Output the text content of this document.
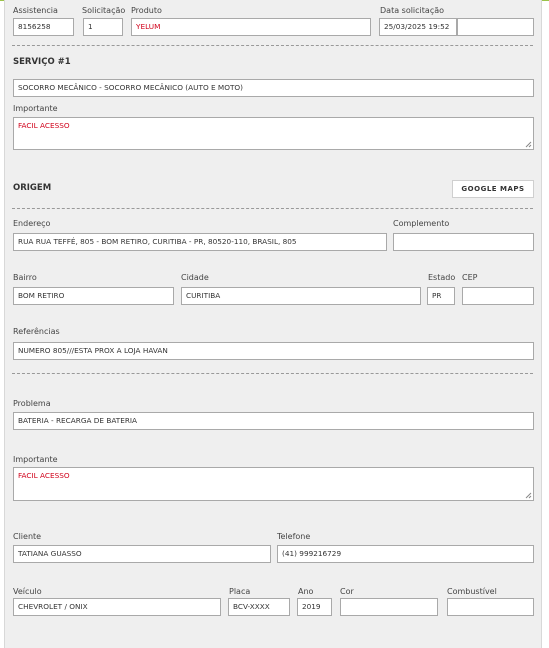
Assistencia
8156258
Solicitação
1
Produto
YELUM
Data solicitação
25/03/2025 19:52
SERVIÇO #1
SOCORRO MECÂNICO - SOCORRO MECÂNICO (AUTO E MOTO)
Importante
FACIL ACESSO
ORIGEM	GOOGLE MAPS
Endereço
RUA RUA TEFFÉ, 805 - BOM RETIRO, CURITIBA - PR, 80520-110, BRASIL, 805
Complemento
Bairro
BOM RETIRO
Cidade
CURITIBA
Estado
PR
CEP
Referências
NUMERO 805///ESTA PROX A LOJA HAVAN
Problema
BATERIA - RECARGA DE BATERIA
Importante
FACIL ACESSO
Cliente
TATIANA GUASSO
Telefone
(41) 999216729
Veículo
CHEVROLET / ONIX
Placa
BCV-XXXX
Ano
2019
Cor	Combustível
